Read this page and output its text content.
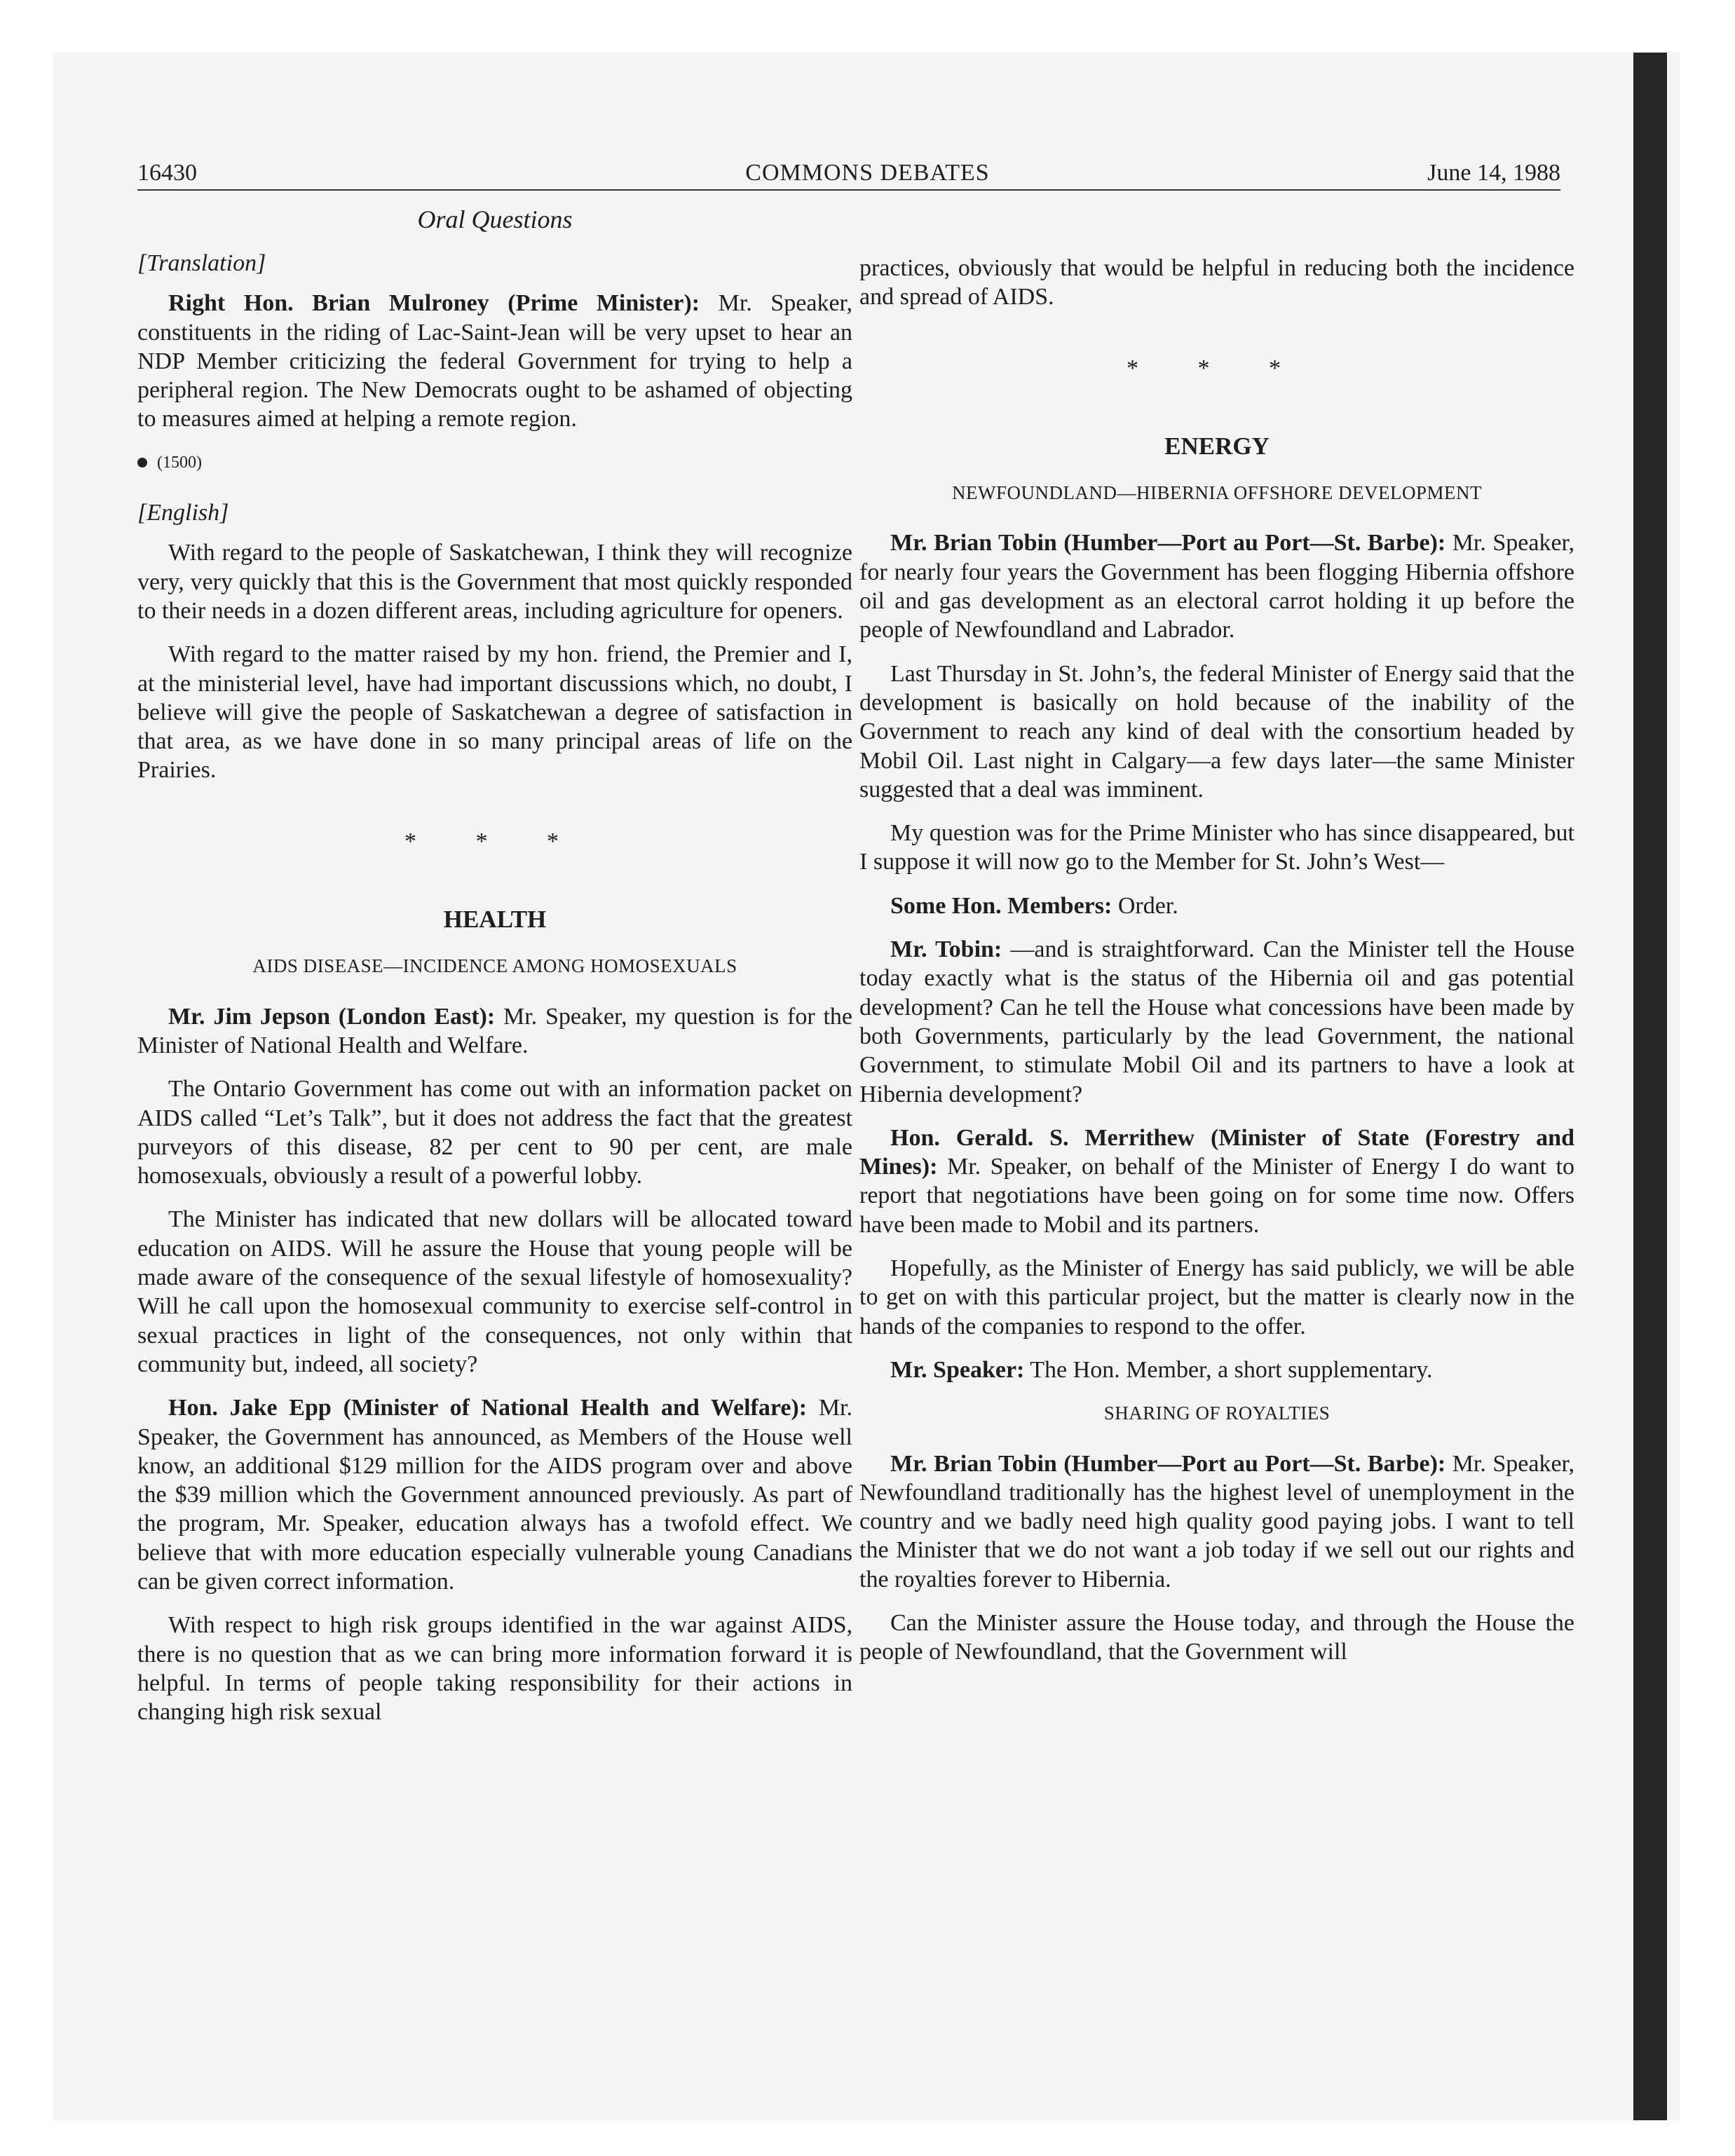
16430	COMMONS DEBATES	June 14, 1988
Oral Questions
[Translation]

Right Hon. Brian Mulroney (Prime Minister): Mr. Speaker, constituents in the riding of Lac-Saint-Jean will be very upset to hear an NDP Member criticizing the federal Government for trying to help a peripheral region. The New Democrats ought to be ashamed of objecting to measures aimed at helping a remote region.

(1500)
[English]

With regard to the people of Saskatchewan, I think they will recognize very, very quickly that this is the Government that most quickly responded to their needs in a dozen different areas, including agriculture for openers.

With regard to the matter raised by my hon. friend, the Premier and I, at the ministerial level, have had important discussions which, no doubt, I believe will give the people of Saskatchewan a degree of satisfaction in that area, as we have done in so many principal areas of life on the Prairies.

* * *
HEALTH
AIDS DISEASE—INCIDENCE AMONG HOMOSEXUALS

Mr. Jim Jepson (London East): Mr. Speaker, my question is for the Minister of National Health and Welfare.

The Ontario Government has come out with an information packet on AIDS called “Let’s Talk”, but it does not address the fact that the greatest purveyors of this disease, 82 per cent to 90 per cent, are male homosexuals, obviously a result of a powerful lobby.

The Minister has indicated that new dollars will be allocated toward education on AIDS. Will he assure the House that young people will be made aware of the consequence of the sexual lifestyle of homosexuality? Will he call upon the homosexual community to exercise self-control in sexual practices in light of the consequences, not only within that community but, indeed, all society?

Hon. Jake Epp (Minister of National Health and Welfare): Mr. Speaker, the Government has announced, as Members of the House well know, an additional $129 million for the AIDS program over and above the $39 million which the Government announced previously. As part of the program, Mr. Speaker, education always has a twofold effect. We believe that with more education especially vulnerable young Canadians can be given correct information.

With respect to high risk groups identified in the war against AIDS, there is no question that as we can bring more information forward it is helpful. In terms of people taking responsibility for their actions in changing high risk sexual

practices, obviously that would be helpful in reducing both the incidence and spread of AIDS.

* * *
ENERGY
NEWFOUNDLAND—HIBERNIA OFFSHORE DEVELOPMENT

Mr. Brian Tobin (Humber—Port au Port—St. Barbe): Mr. Speaker, for nearly four years the Government has been flogging Hibernia offshore oil and gas development as an electoral carrot holding it up before the people of Newfoundland and Labrador.

Last Thursday in St. John’s, the federal Minister of Energy said that the development is basically on hold because of the inability of the Government to reach any kind of deal with the consortium headed by Mobil Oil. Last night in Calgary—a few days later—the same Minister suggested that a deal was imminent.

My question was for the Prime Minister who has since disappeared, but I suppose it will now go to the Member for St. John’s West—

Some Hon. Members: Order.

Mr. Tobin: —and is straightforward. Can the Minister tell the House today exactly what is the status of the Hibernia oil and gas potential development? Can he tell the House what concessions have been made by both Governments, particularly by the lead Government, the national Government, to stimulate Mobil Oil and its partners to have a look at Hibernia development?

Hon. Gerald. S. Merrithew (Minister of State (Forestry and Mines): Mr. Speaker, on behalf of the Minister of Energy I do want to report that negotiations have been going on for some time now. Offers have been made to Mobil and its partners.

Hopefully, as the Minister of Energy has said publicly, we will be able to get on with this particular project, but the matter is clearly now in the hands of the companies to respond to the offer.

Mr. Speaker: The Hon. Member, a short supplementary.

SHARING OF ROYALTIES

Mr. Brian Tobin (Humber—Port au Port—St. Barbe): Mr. Speaker, Newfoundland traditionally has the highest level of unemployment in the country and we badly need high quality good paying jobs. I want to tell the Minister that we do not want a job today if we sell out our rights and the royalties forever to Hibernia.

Can the Minister assure the House today, and through the House the people of Newfoundland, that the Government will
